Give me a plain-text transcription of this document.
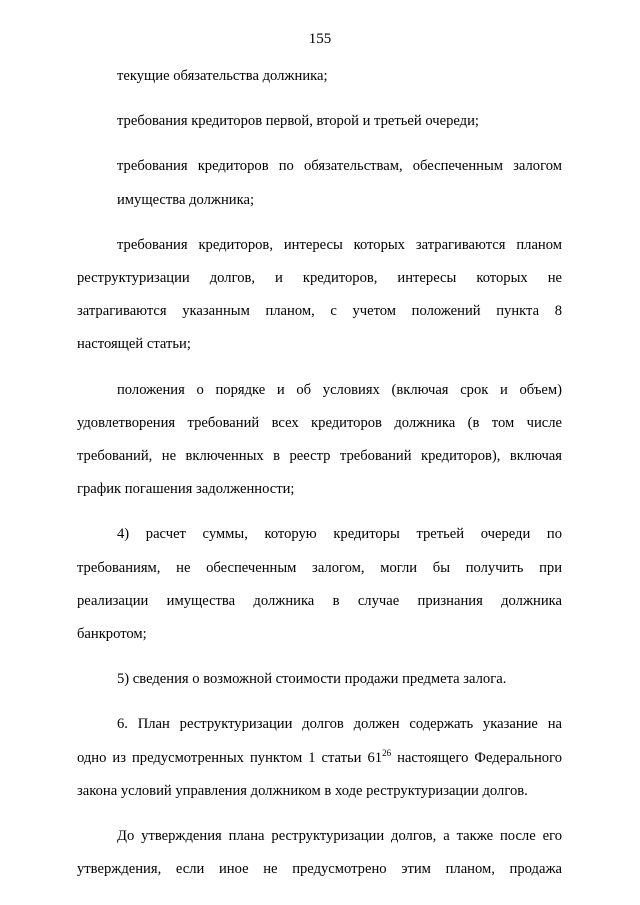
155
текущие обязательства должника;
требования кредиторов первой, второй и третьей очереди;
требования кредиторов по обязательствам, обеспеченным залогом
имущества должника;
требования кредиторов, интересы которых затрагиваются планом
реструктуризации долгов, и кредиторов, интересы которых не
затрагиваются указанным планом, с учетом положений пункта 8
настоящей статьи;
положения о порядке и об условиях (включая срок и объем)
удовлетворения требований всех кредиторов должника (в том числе
требований, не включенных в реестр требований кредиторов), включая
график погашения задолженности;
4) расчет суммы, которую кредиторы третьей очереди по
требованиям, не обеспеченным залогом, могли бы получить при
реализации имущества должника в случае признания должника
банкротом;
5) сведения о возможной стоимости продажи предмета залога.
6. План реструктуризации долгов должен содержать указание на
одно из предусмотренных пунктом 1 статьи $61^{26}$ настоящего Федерального
закона условий управления должником в ходе реструктуризации долгов.
До утверждения плана реструктуризации долгов, а также после его
утверждения, если иное не предусмотрено этим планом, продажа
